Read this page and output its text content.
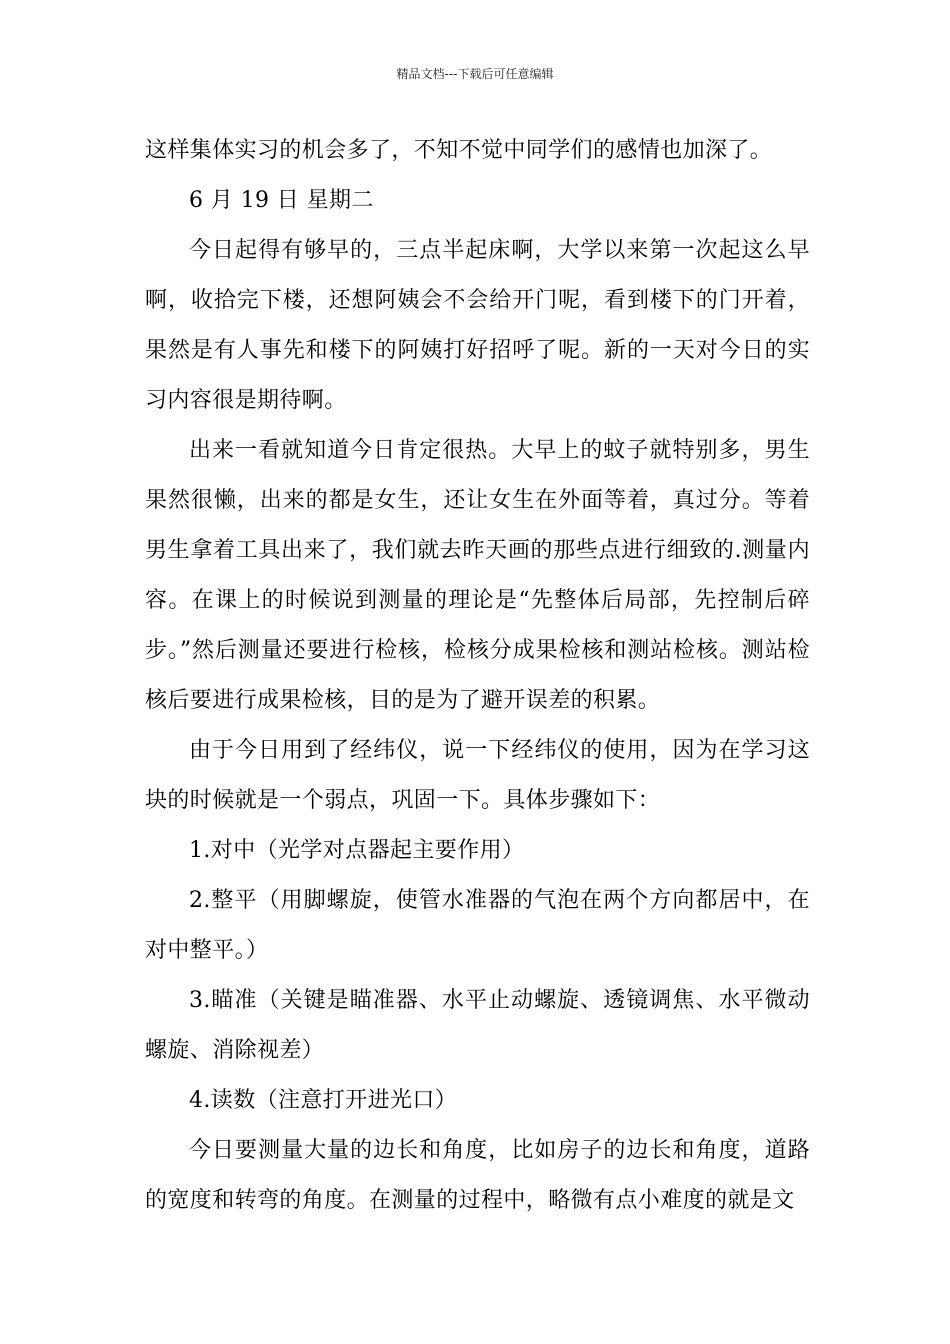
精品文档---下载后可任意编辑

这样集体实习的机会多了，不知不觉中同学们的感情也加深了。

6 月 19 日 星期二

今日起得有够早的，三点半起床啊，大学以来第一次起这么早啊，收拾完下楼，还想阿姨会不会给开门呢，看到楼下的门开着，果然是有人事先和楼下的阿姨打好招呼了呢。新的一天对今日的实习内容很是期待啊。

出来一看就知道今日肯定很热。大早上的蚊子就特别多，男生果然很懒，出来的都是女生，还让女生在外面等着，真过分。等着男生拿着工具出来了，我们就去昨天画的那些点进行细致的.测量内容。在课上的时候说到测量的理论是“先整体后局部，先控制后碎步。”然后测量还要进行检核，检核分成果检核和测站检核。测站检核后要进行成果检核，目的是为了避开误差的积累。

由于今日用到了经纬仪，说一下经纬仪的使用，因为在学习这块的时候就是一个弱点，巩固一下。具体步骤如下：

1.对中（光学对点器起主要作用）

2.整平（用脚螺旋，使管水准器的气泡在两个方向都居中，在对中整平。）

3.瞄准（关键是瞄准器、水平止动螺旋、透镜调焦、水平微动螺旋、消除视差）

4.读数（注意打开进光口）

今日要测量大量的边长和角度，比如房子的边长和角度，道路的宽度和转弯的角度。在测量的过程中，略微有点小难度的就是文
